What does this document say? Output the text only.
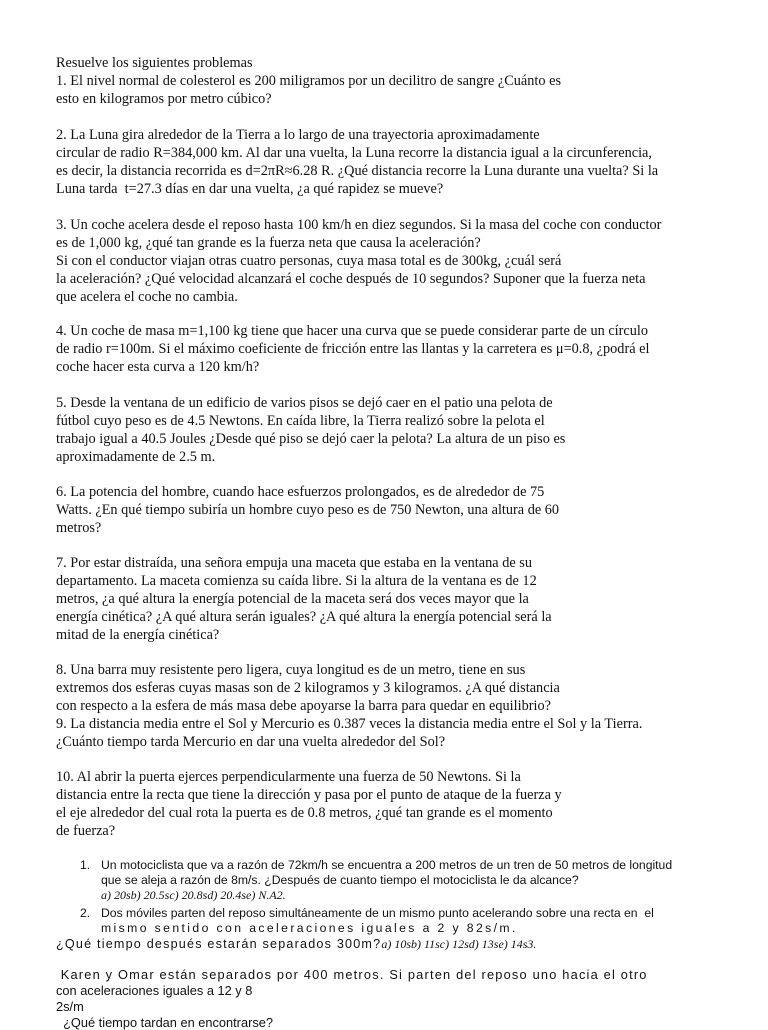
Resuelve los siguientes problemas

1. El nivel normal de colesterol es 200 miligramos por un decilitro de sangre ¿Cuánto es

esto en kilogramos por metro cúbico?

2. La Luna gira alrededor de la Tierra a lo largo de una trayectoria aproximadamente

circular de radio R=384,000 km. Al dar una vuelta, la Luna recorre la distancia igual a la circunferencia,

es decir, la distancia recorrida es d=2πR≈6.28 R. ¿Qué distancia recorre la Luna durante una vuelta? Si la

Luna tarda  t=27.3 días en dar una vuelta, ¿a qué rapidez se mueve?

3. Un coche acelera desde el reposo hasta 100 km/h en diez segundos. Si la masa del coche con conductor

es de 1,000 kg, ¿qué tan grande es la fuerza neta que causa la aceleración?

Si con el conductor viajan otras cuatro personas, cuya masa total es de 300kg, ¿cuál será

la aceleración? ¿Qué velocidad alcanzará el coche después de 10 segundos? Suponer que la fuerza neta

que acelera el coche no cambia.

4. Un coche de masa m=1,100 kg tiene que hacer una curva que se puede considerar parte de un círculo

de radio r=100m. Si el máximo coeficiente de fricción entre las llantas y la carretera es μ=0.8, ¿podrá el

coche hacer esta curva a 120 km/h?

5. Desde la ventana de un edificio de varios pisos se dejó caer en el patio una pelota de

fútbol cuyo peso es de 4.5 Newtons. En caída libre, la Tierra realizó sobre la pelota el

trabajo igual a 40.5 Joules ¿Desde qué piso se dejó caer la pelota? La altura de un piso es

aproximadamente de 2.5 m.

6. La potencia del hombre, cuando hace esfuerzos prolongados, es de alrededor de 75

Watts. ¿En qué tiempo subiría un hombre cuyo peso es de 750 Newton, una altura de 60

metros?

7. Por estar distraída, una señora empuja una maceta que estaba en la ventana de su

departamento. La maceta comienza su caída libre. Si la altura de la ventana es de 12

metros, ¿a qué altura la energía potencial de la maceta será dos veces mayor que la

energía cinética? ¿A qué altura serán iguales? ¿A qué altura la energía potencial será la

mitad de la energía cinética?

8. Una barra muy resistente pero ligera, cuya longitud es de un metro, tiene en sus

extremos dos esferas cuyas masas son de 2 kilogramos y 3 kilogramos. ¿A qué distancia

con respecto a la esfera de más masa debe apoyarse la barra para quedar en equilibrio?

9. La distancia media entre el Sol y Mercurio es 0.387 veces la distancia media entre el Sol y la Tierra.

¿Cuánto tiempo tarda Mercurio en dar una vuelta alrededor del Sol?

10. Al abrir la puerta ejerces perpendicularmente una fuerza de 50 Newtons. Si la

distancia entre la recta que tiene la dirección y pasa por el punto de ataque de la fuerza y

el eje alrededor del cual rota la puerta es de 0.8 metros, ¿qué tan grande es el momento

de fuerza?

1. Un motociclista que va a razón de 72km/h se encuentra a 200 metros de un tren de 50 metros de longitud

que se aleja a razón de 8m/s. ¿Después de cuanto tiempo el motociclista le da alcance?

a) 20sb) 20.5sc) 20.8sd) 20.4se) N.A2.

2. Dos móviles parten del reposo simultáneamente de un mismo punto acelerando sobre una recta en  el

mismo sentido con aceleraciones iguales a 2 y 82s/m.

¿Qué tiempo después estarán separados 300m?a) 10sb) 11sc) 12sd) 13se) 14s3.

Karen y Omar están separados por 400 metros. Si parten del reposo uno hacia el otro

con aceleraciones iguales a 12 y 8

2s/m

¿Qué tiempo tardan en encontrarse?
